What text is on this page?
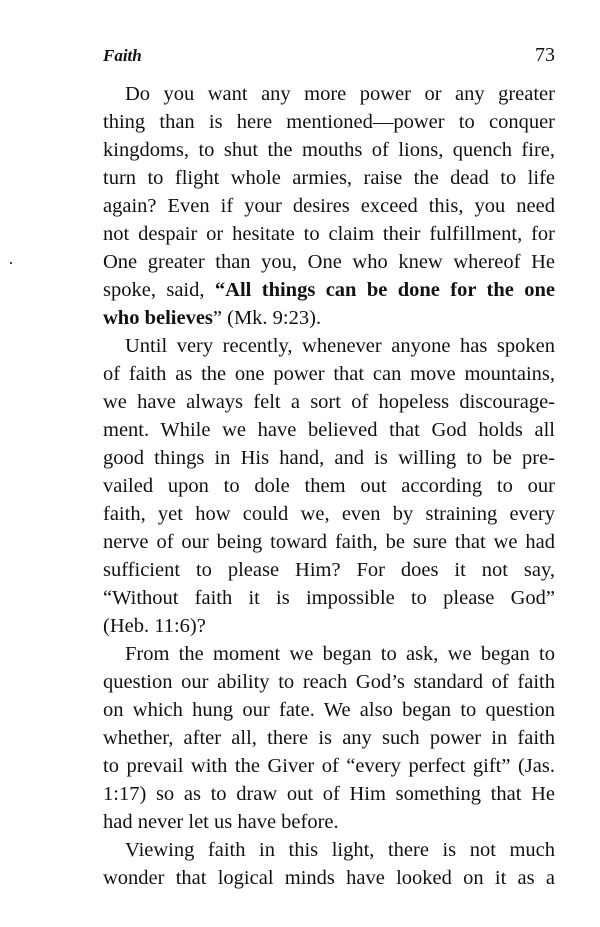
Faith	73
Do you want any more power or any greater
thing than is here mentioned—power to conquer
kingdoms, to shut the mouths of lions, quench fire,
turn to flight whole armies, raise the dead to life
again? Even if your desires exceed this, you need
not despair or hesitate to claim their fulfillment, for
One greater than you, One who knew whereof He
spoke, said, “All things can be done for the one
who believes” (Mk. 9:23).
Until very recently, whenever anyone has spoken
of faith as the one power that can move mountains,
we have always felt a sort of hopeless discourage-
ment. While we have believed that God holds all
good things in His hand, and is willing to be pre-
vailed upon to dole them out according to our
faith, yet how could we, even by straining every
nerve of our being toward faith, be sure that we had
sufficient to please Him? For does it not say,
“Without faith it is impossible to please God”
(Heb. 11:6)?
From the moment we began to ask, we began to
question our ability to reach God’s standard of faith
on which hung our fate. We also began to question
whether, after all, there is any such power in faith
to prevail with the Giver of “every perfect gift” (Jas.
1:17) so as to draw out of Him something that He
had never let us have before.
Viewing faith in this light, there is not much
wonder that logical minds have looked on it as a
